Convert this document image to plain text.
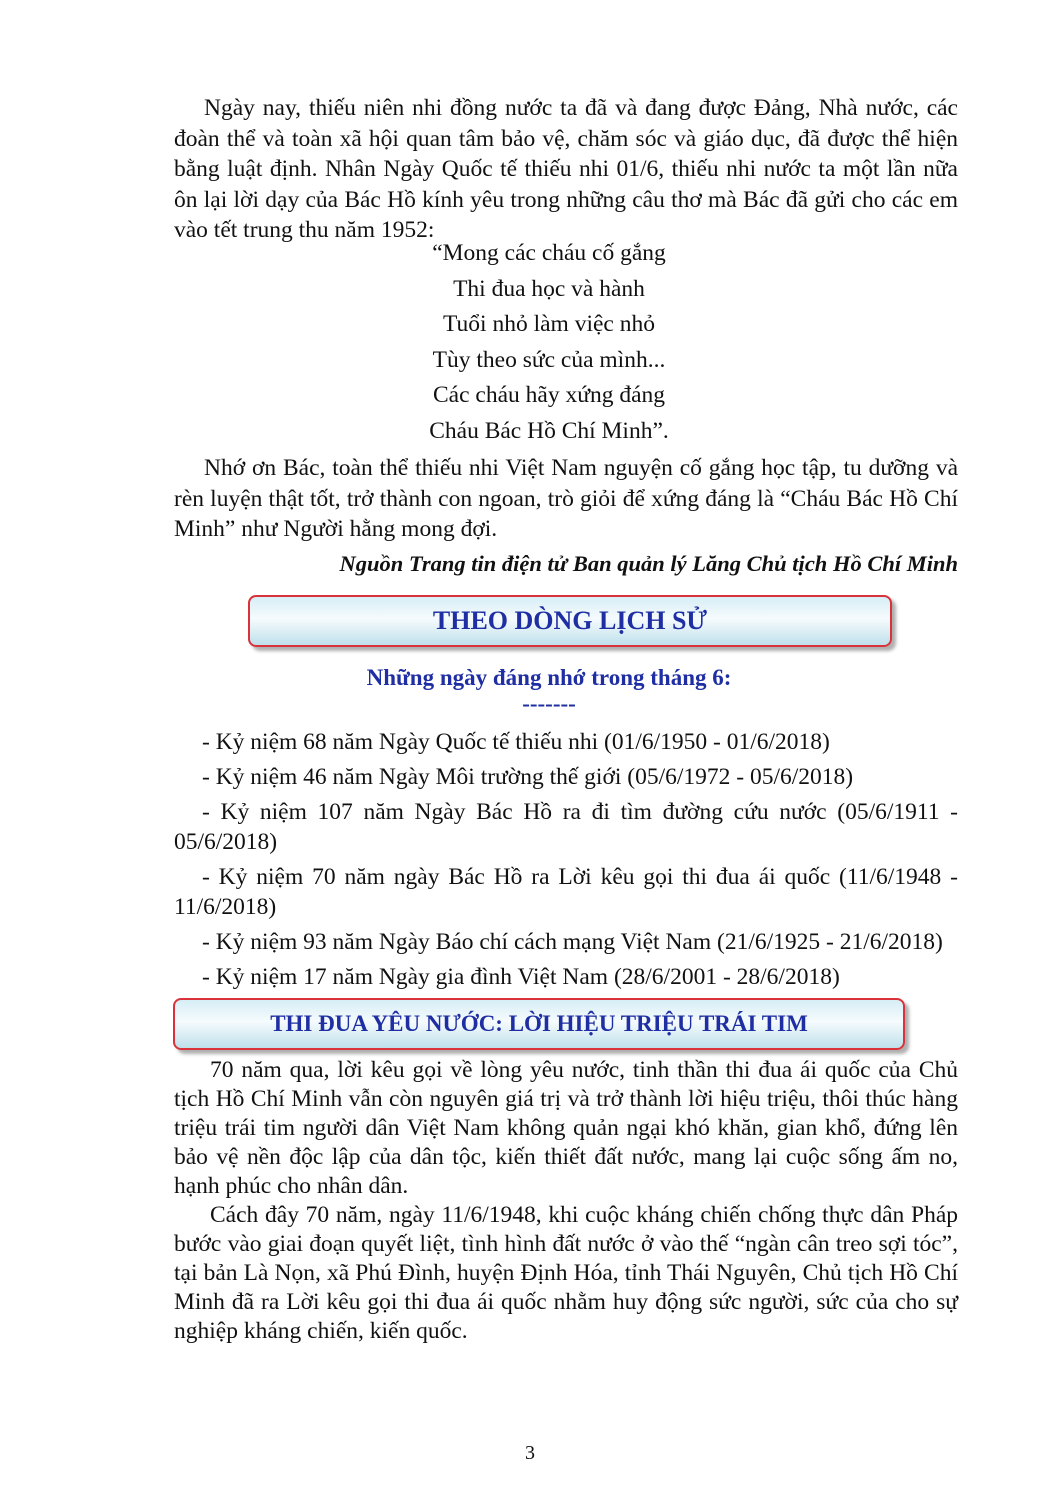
Ngày nay, thiếu niên nhi đồng nước ta đã và đang được Đảng, Nhà nước, các đoàn thể và toàn xã hội quan tâm bảo vệ, chăm sóc và giáo dục, đã được thể hiện bằng luật định. Nhân Ngày Quốc tế thiếu nhi 01/6, thiếu nhi nước ta một lần nữa ôn lại lời dạy của Bác Hồ kính yêu trong những câu thơ mà Bác đã gửi cho các em vào tết trung thu năm 1952:

“Mong các cháu cố gắng
Thi đua học và hành
Tuổi nhỏ làm việc nhỏ
Tùy theo sức của mình...
Các cháu hãy xứng đáng
Cháu Bác Hồ Chí Minh”.

Nhớ ơn Bác, toàn thể thiếu nhi Việt Nam nguyện cố gắng học tập, tu dưỡng và rèn luyện thật tốt, trở thành con ngoan, trò giỏi để xứng đáng là “Cháu Bác Hồ Chí Minh” như Người hằng mong đợi.

Nguồn Trang tin điện tử Ban quản lý Lăng Chủ tịch Hồ Chí Minh
THEO DÒNG LỊCH SỬ
Những ngày đáng nhớ trong tháng 6:
-------
- Kỷ niệm 68 năm Ngày Quốc tế thiếu nhi (01/6/1950 - 01/6/2018)
- Kỷ niệm 46 năm Ngày Môi trường thế giới (05/6/1972 - 05/6/2018)
- Kỷ niệm 107 năm Ngày Bác Hồ ra đi tìm đường cứu nước (05/6/1911 - 05/6/2018)
- Kỷ niệm 70 năm ngày Bác Hồ ra Lời kêu gọi thi đua ái quốc (11/6/1948 - 11/6/2018)
- Kỷ niệm 93 năm Ngày Báo chí cách mạng Việt Nam (21/6/1925 - 21/6/2018)
- Kỷ niệm 17 năm Ngày gia đình Việt Nam (28/6/2001 - 28/6/2018)
THI ĐUA YÊU NƯỚC: LỜI HIỆU TRIỆU TRÁI TIM

70 năm qua, lời kêu gọi về lòng yêu nước, tinh thần thi đua ái quốc của Chủ tịch Hồ Chí Minh vẫn còn nguyên giá trị và trở thành lời hiệu triệu, thôi thúc hàng triệu trái tim người dân Việt Nam không quản ngại khó khăn, gian khổ, đứng lên bảo vệ nền độc lập của dân tộc, kiến thiết đất nước, mang lại cuộc sống ấm no, hạnh phúc cho nhân dân.

Cách đây 70 năm, ngày 11/6/1948, khi cuộc kháng chiến chống thực dân Pháp bước vào giai đoạn quyết liệt, tình hình đất nước ở vào thế “ngàn cân treo sợi tóc”, tại bản Là Nọn, xã Phú Đình, huyện Định Hóa, tỉnh Thái Nguyên, Chủ tịch Hồ Chí Minh đã ra Lời kêu gọi thi đua ái quốc nhằm huy động sức người, sức của cho sự nghiệp kháng chiến, kiến quốc.

3
